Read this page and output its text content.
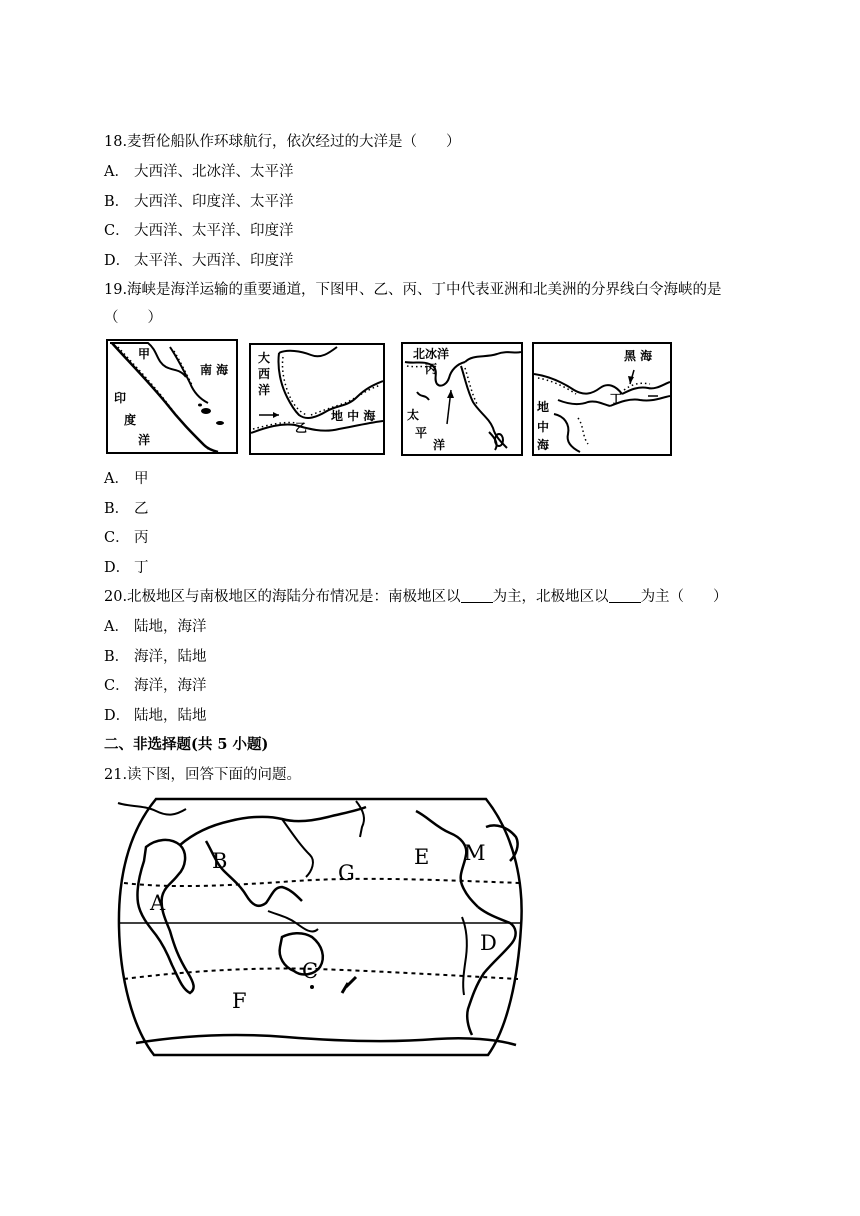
18.麦哲伦船队作环球航行，依次经过的大洋是（　　）
A． 大西洋、北冰洋、太平洋
B． 大西洋、印度洋、太平洋
C． 大西洋、太平洋、印度洋
D． 太平洋、大西洋、印度洋
19.海峡是海洋运输的重要通道，下图甲、乙、丙、丁中代表亚洲和北美洲的分界线白令海峡的是
（　　）
甲
南 海
印
度
洋
大
西
洋
乙
地 中 海
北冰洋
丙
太
平
洋
黑 海
丁
地
中
海
A． 甲
B． 乙
C． 丙
D． 丁
20.北极地区与南极地区的海陆分布情况是：南极地区以 为主，北极地区以 为主（　　）
A． 陆地，海洋
B． 海洋，陆地
C． 海洋，海洋
D． 陆地，陆地
二、非选择题(共 5 小题)
21.读下图，回答下面的问题。
A
B
C
D
E
F
G
M
